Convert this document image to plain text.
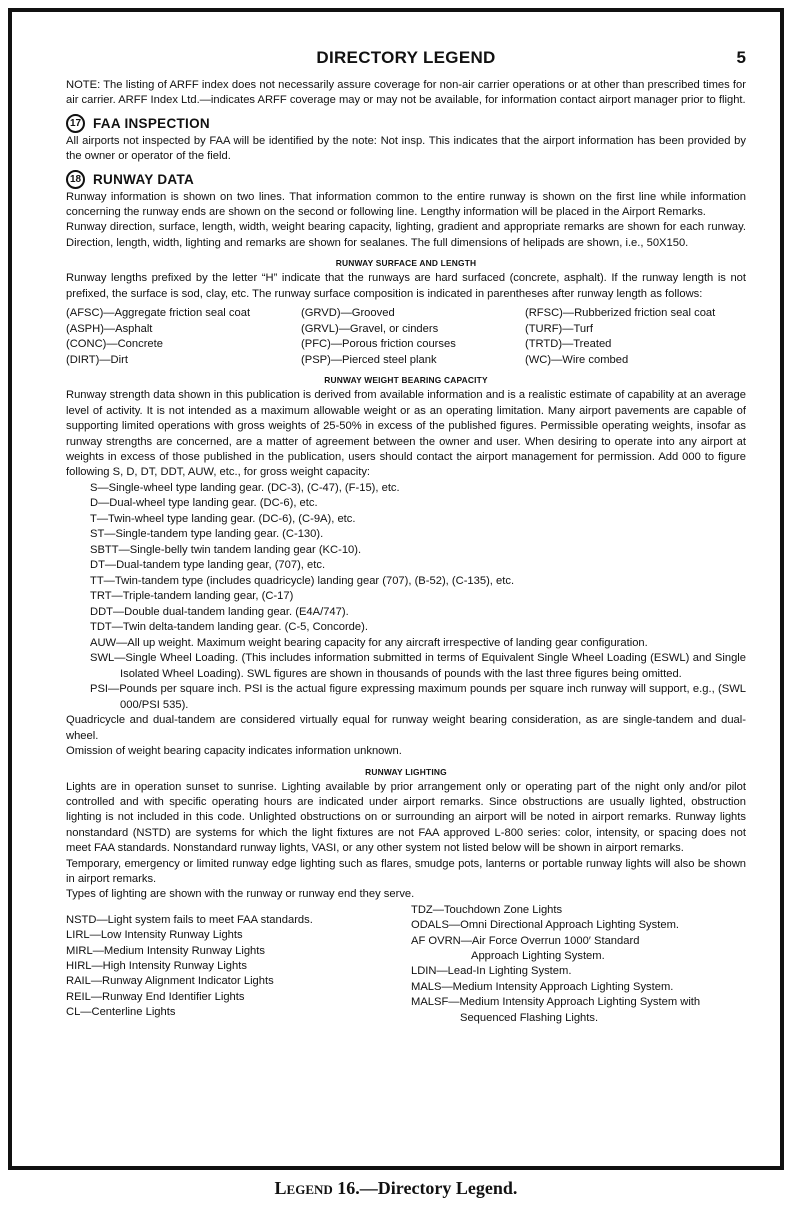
DIRECTORY LEGEND	5

NOTE: The listing of ARFF index does not necessarily assure coverage for non-air carrier operations or at other than prescribed times for air carrier. ARFF Index Ltd.—indicates ARFF coverage may or may not be available, for information contact airport manager prior to flight.

17 FAA INSPECTION

All airports not inspected by FAA will be identified by the note: Not insp. This indicates that the airport information has been provided by the owner or operator of the field.

18 RUNWAY DATA

Runway information is shown on two lines. That information common to the entire runway is shown on the first line while information concerning the runway ends are shown on the second or following line. Lengthy information will be placed in the Airport Remarks.

Runway direction, surface, length, width, weight bearing capacity, lighting, gradient and appropriate remarks are shown for each runway. Direction, length, width, lighting and remarks are shown for sealanes. The full dimensions of helipads are shown, i.e., 50X150.

RUNWAY SURFACE AND LENGTH

Runway lengths prefixed by the letter “H” indicate that the runways are hard surfaced (concrete, asphalt). If the runway length is not prefixed, the surface is sod, clay, etc. The runway surface composition is indicated in parentheses after runway length as follows:

(AFSC)—Aggregate friction seal coat
(ASPH)—Asphalt
(CONC)—Concrete
(DIRT)—Dirt
(GRVD)—Grooved
(GRVL)—Gravel, or cinders
(PFC)—Porous friction courses
(PSP)—Pierced steel plank
(RFSC)—Rubberized friction seal coat
(TURF)—Turf
(TRTD)—Treated
(WC)—Wire combed
RUNWAY WEIGHT BEARING CAPACITY

Runway strength data shown in this publication is derived from available information and is a realistic estimate of capability at an average level of activity. It is not intended as a maximum allowable weight or as an operating limitation. Many airport pavements are capable of supporting limited operations with gross weights of 25-50% in excess of the published figures. Permissible operating weights, insofar as runway strengths are concerned, are a matter of agreement between the owner and user. When desiring to operate into any airport at weights in excess of those published in the publication, users should contact the airport management for permission. Add 000 to figure following S, D, DT, DDT, AUW, etc., for gross weight capacity:

S—Single-wheel type landing gear. (DC-3), (C-47), (F-15), etc.
D—Dual-wheel type landing gear. (DC-6), etc.
T—Twin-wheel type landing gear. (DC-6), (C-9A), etc.
ST—Single-tandem type landing gear. (C-130).
SBTT—Single-belly twin tandem landing gear (KC-10).
DT—Dual-tandem type landing gear, (707), etc.
TT—Twin-tandem type (includes quadricycle) landing gear (707), (B-52), (C-135), etc.
TRT—Triple-tandem landing gear, (C-17)
DDT—Double dual-tandem landing gear. (E4A/747).
TDT—Twin delta-tandem landing gear. (C-5, Concorde).
AUW—All up weight. Maximum weight bearing capacity for any aircraft irrespective of landing gear configuration.
SWL—Single Wheel Loading. (This includes information submitted in terms of Equivalent Single Wheel Loading (ESWL) and Single Isolated Wheel Loading). SWL figures are shown in thousands of pounds with the last three figures being omitted.
PSI—Pounds per square inch. PSI is the actual figure expressing maximum pounds per square inch runway will support, e.g., (SWL 000/PSI 535).

Quadricycle and dual-tandem are considered virtually equal for runway weight bearing consideration, as are single-tandem and dual-wheel.

Omission of weight bearing capacity indicates information unknown.

RUNWAY LIGHTING

Lights are in operation sunset to sunrise. Lighting available by prior arrangement only or operating part of the night only and/or pilot controlled and with specific operating hours are indicated under airport remarks. Since obstructions are usually lighted, obstruction lighting is not included in this code. Unlighted obstructions on or surrounding an airport will be noted in airport remarks. Runway lights nonstandard (NSTD) are systems for which the light fixtures are not FAA approved L-800 series: color, intensity, or spacing does not meet FAA standards. Nonstandard runway lights, VASI, or any other system not listed below will be shown in airport remarks.

Temporary, emergency or limited runway edge lighting such as flares, smudge pots, lanterns or portable runway lights will also be shown in airport remarks.

Types of lighting are shown with the runway or runway end they serve.

NSTD—Light system fails to meet FAA standards.
LIRL—Low Intensity Runway Lights
MIRL—Medium Intensity Runway Lights
HIRL—High Intensity Runway Lights
RAIL—Runway Alignment Indicator Lights
REIL—Runway End Identifier Lights
CL—Centerline Lights
TDZ—Touchdown Zone Lights
ODALS—Omni Directional Approach Lighting System.
AF OVRN—Air Force Overrun 1000′ Standard
Approach Lighting System.
LDIN—Lead-In Lighting System.
MALS—Medium Intensity Approach Lighting System.
MALSF—Medium Intensity Approach Lighting System with
Sequenced Flashing Lights.
Legend 16.—Directory Legend.
